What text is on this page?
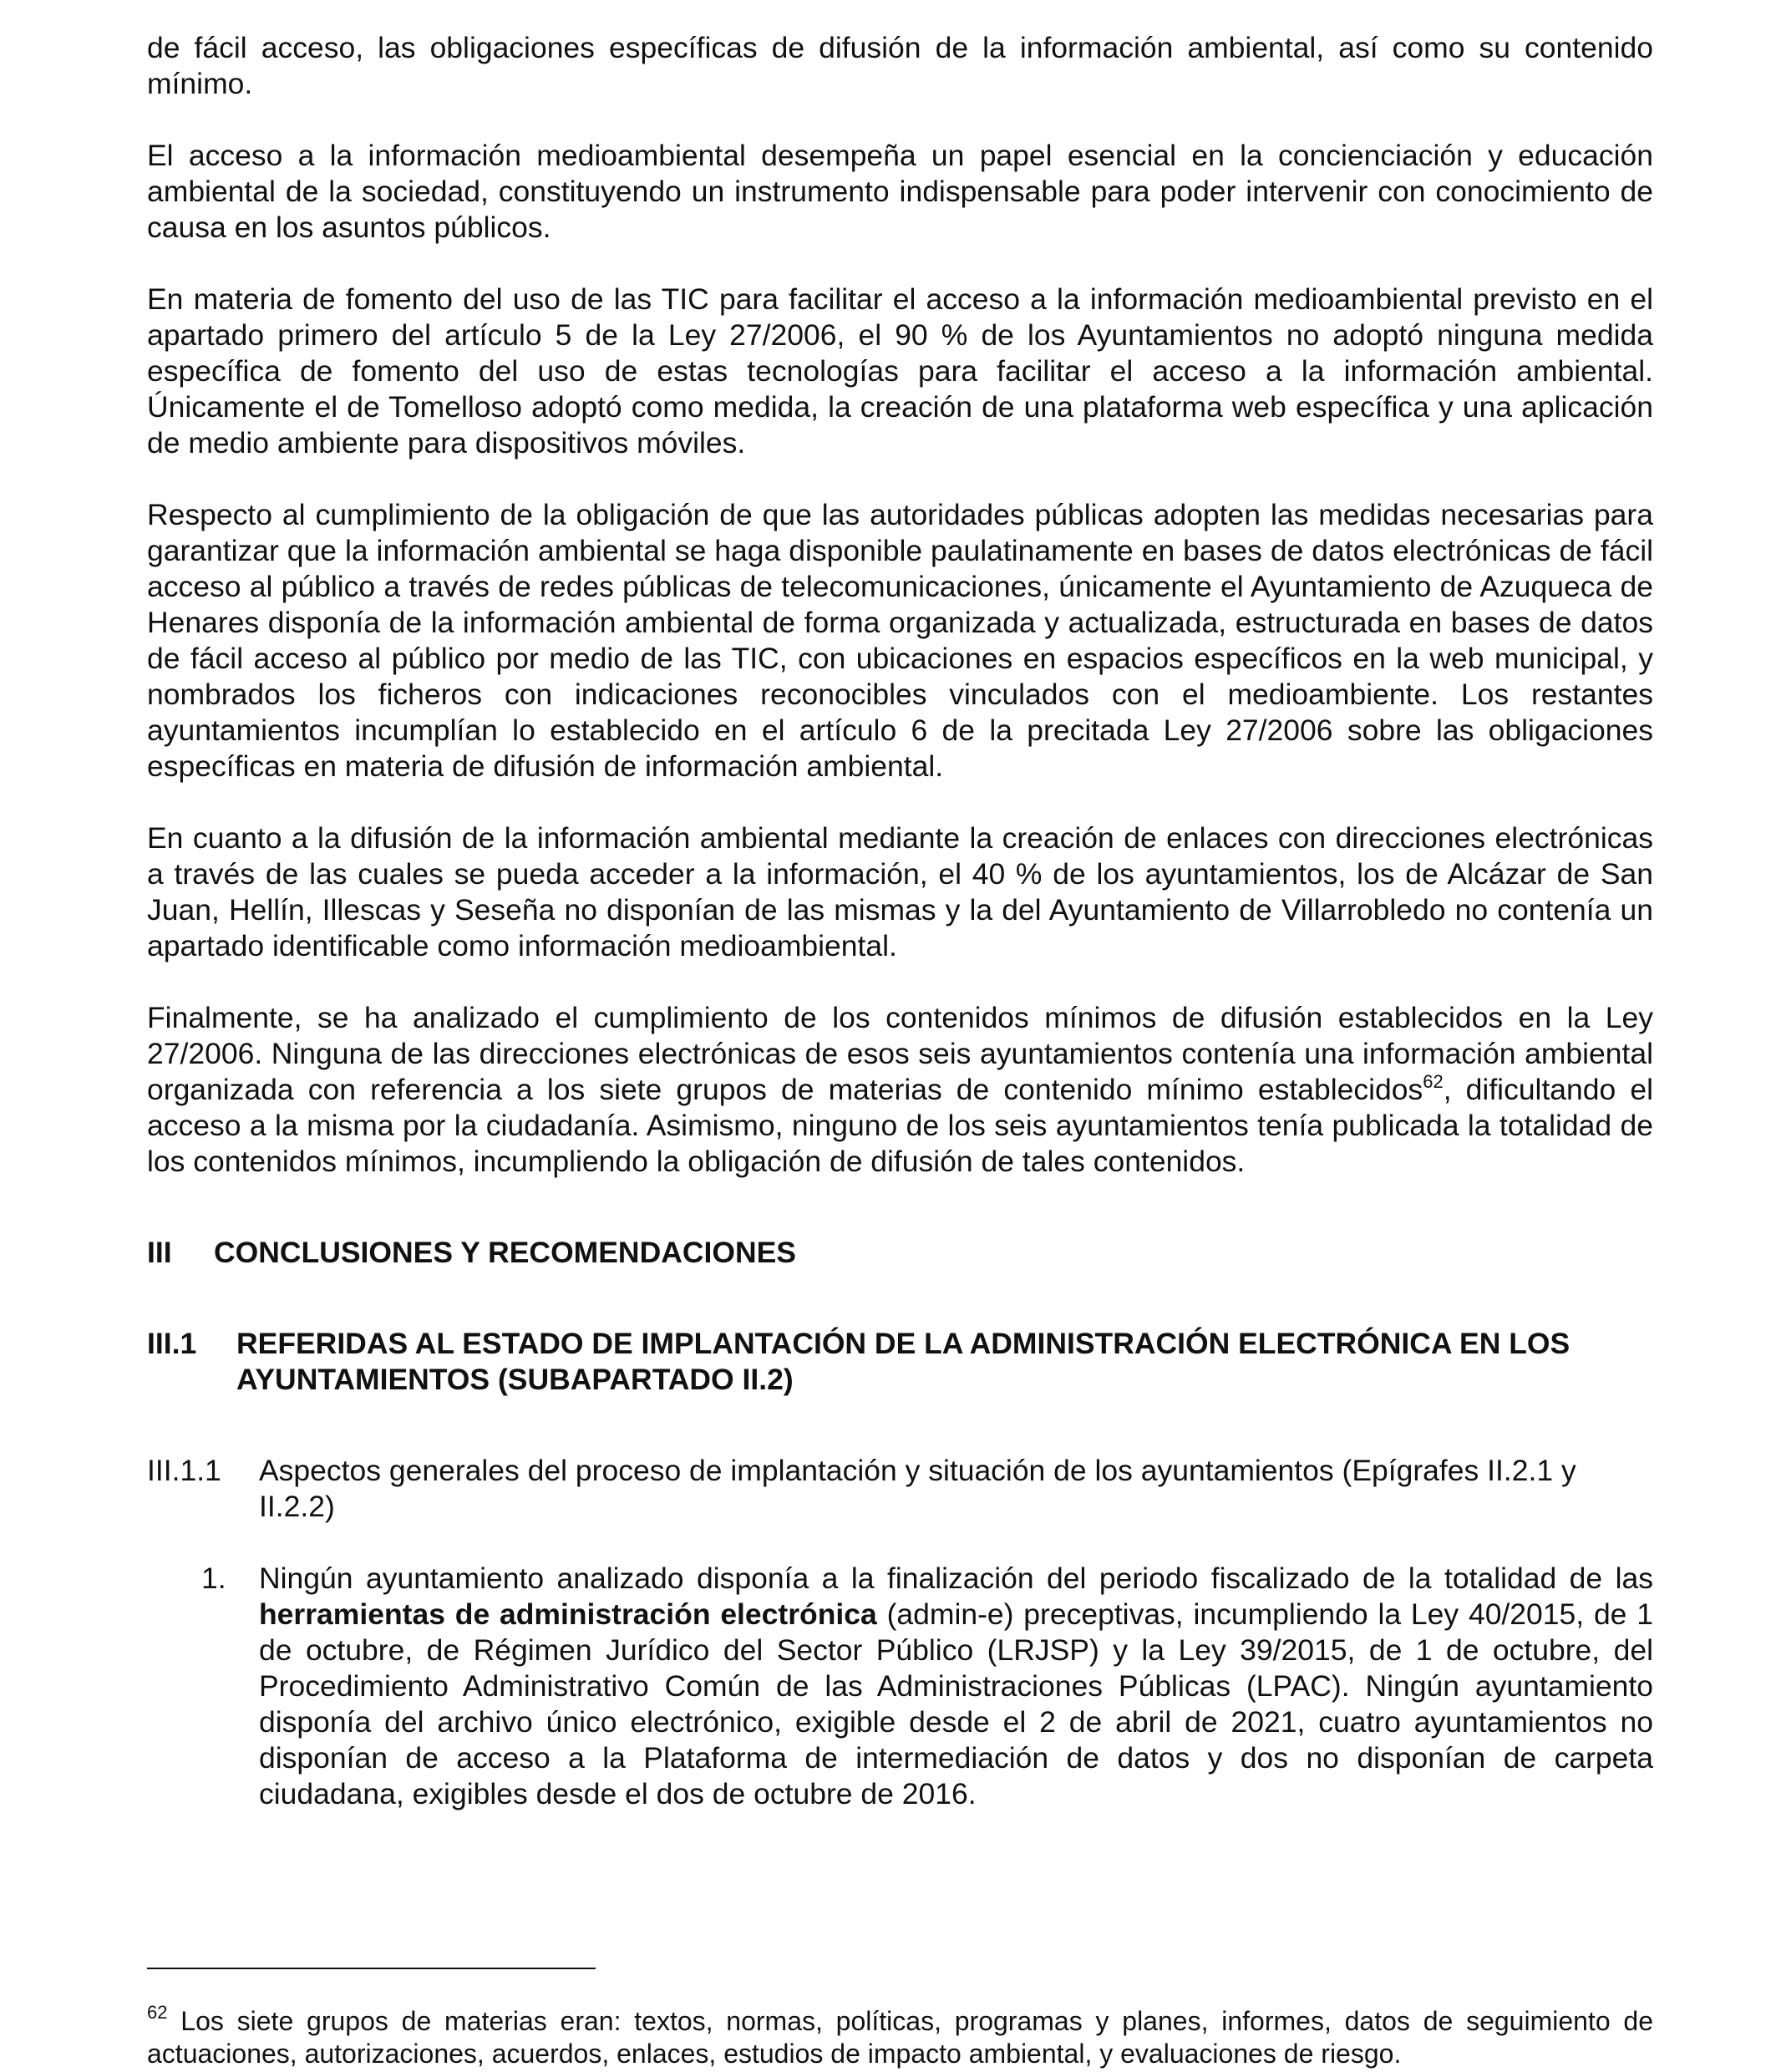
de fácil acceso, las obligaciones específicas de difusión de la información ambiental, así como su contenido mínimo.

El acceso a la información medioambiental desempeña un papel esencial en la concienciación y educación ambiental de la sociedad, constituyendo un instrumento indispensable para poder intervenir con conocimiento de causa en los asuntos públicos.

En materia de fomento del uso de las TIC para facilitar el acceso a la información medioambiental previsto en el apartado primero del artículo 5 de la Ley 27/2006, el 90 % de los Ayuntamientos no adoptó ninguna medida específica de fomento del uso de estas tecnologías para facilitar el acceso a la información ambiental. Únicamente el de Tomelloso adoptó como medida, la creación de una plataforma web específica y una aplicación de medio ambiente para dispositivos móviles.

Respecto al cumplimiento de la obligación de que las autoridades públicas adopten las medidas necesarias para garantizar que la información ambiental se haga disponible paulatinamente en bases de datos electrónicas de fácil acceso al público a través de redes públicas de telecomunicaciones, únicamente el Ayuntamiento de Azuqueca de Henares disponía de la información ambiental de forma organizada y actualizada, estructurada en bases de datos de fácil acceso al público por medio de las TIC, con ubicaciones en espacios específicos en la web municipal, y nombrados los ficheros con indicaciones reconocibles vinculados con el medioambiente. Los restantes ayuntamientos incumplían lo establecido en el artículo 6 de la precitada Ley 27/2006 sobre las obligaciones específicas en materia de difusión de información ambiental.

En cuanto a la difusión de la información ambiental mediante la creación de enlaces con direcciones electrónicas a través de las cuales se pueda acceder a la información, el 40 % de los ayuntamientos, los de Alcázar de San Juan, Hellín, Illescas y Seseña no disponían de las mismas y la del Ayuntamiento de Villarrobledo no contenía un apartado identificable como información medioambiental.

Finalmente, se ha analizado el cumplimiento de los contenidos mínimos de difusión establecidos en la Ley 27/2006. Ninguna de las direcciones electrónicas de esos seis ayuntamientos contenía una información ambiental organizada con referencia a los siete grupos de materias de contenido mínimo establecidos$^{62}$, dificultando el acceso a la misma por la ciudadanía. Asimismo, ninguno de los seis ayuntamientos tenía publicada la totalidad de los contenidos mínimos, incumpliendo la obligación de difusión de tales contenidos.

III	CONCLUSIONES Y RECOMENDACIONES
III.1	REFERIDAS AL ESTADO DE IMPLANTACIÓN DE LA ADMINISTRACIÓN ELECTRÓNICA EN LOS AYUNTAMIENTOS (SUBAPARTADO II.2)
III.1.1	Aspectos generales del proceso de implantación y situación de los ayuntamientos (Epígrafes II.2.1 y II.2.2)
1.	Ningún ayuntamiento analizado disponía a la finalización del periodo fiscalizado de la totalidad de las herramientas de administración electrónica (admin-e) preceptivas, incumpliendo la Ley 40/2015, de 1 de octubre, de Régimen Jurídico del Sector Público (LRJSP) y la Ley 39/2015, de 1 de octubre, del Procedimiento Administrativo Común de las Administraciones Públicas (LPAC). Ningún ayuntamiento disponía del archivo único electrónico, exigible desde el 2 de abril de 2021, cuatro ayuntamientos no disponían de acceso a la Plataforma de intermediación de datos y dos no disponían de carpeta ciudadana, exigibles desde el dos de octubre de 2016.
$^{62}$ Los siete grupos de materias eran: textos, normas, políticas, programas y planes, informes, datos de seguimiento de actuaciones, autorizaciones, acuerdos, enlaces, estudios de impacto ambiental, y evaluaciones de riesgo.
